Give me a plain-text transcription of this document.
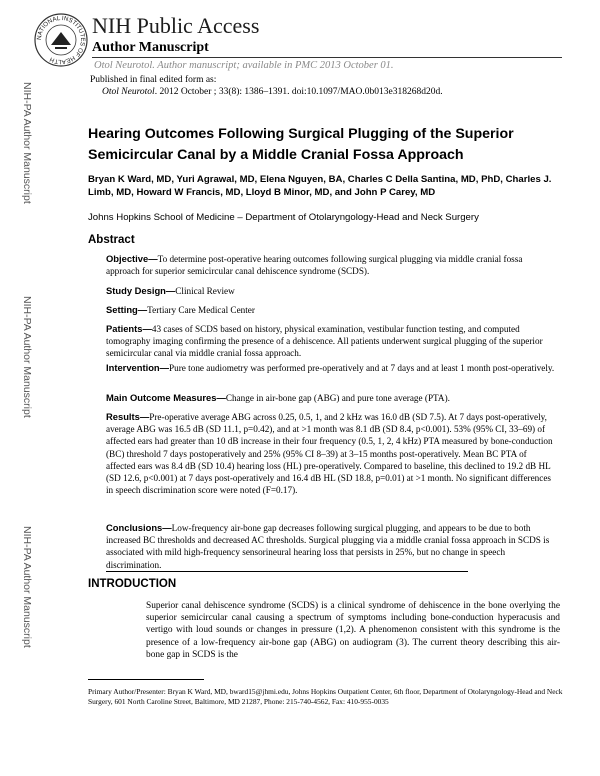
NATIONAL INSTITUTES OF HEALTH
NIH Public Access
Author Manuscript
Otol Neurotol. Author manuscript; available in PMC 2013 October 01.
Published in final edited form as:
Otol Neurotol. 2012 October ; 33(8): 1386–1391. doi:10.1097/MAO.0b013e318268d20d.
NIH-PA Author Manuscript
NIH-PA Author Manuscript
NIH-PA Author Manuscript
Hearing Outcomes Following Surgical Plugging of the Superior Semicircular Canal by a Middle Cranial Fossa Approach
Bryan K Ward, MD, Yuri Agrawal, MD, Elena Nguyen, BA, Charles C Della Santina, MD, PhD, Charles J. Limb, MD, Howard W Francis, MD, Lloyd B Minor, MD, and John P Carey, MD
Johns Hopkins School of Medicine – Department of Otolaryngology-Head and Neck Surgery
Abstract
Objective—To determine post-operative hearing outcomes following surgical plugging via middle cranial fossa approach for superior semicircular canal dehiscence syndrome (SCDS).
Study Design—Clinical Review
Setting—Tertiary Care Medical Center
Patients—43 cases of SCDS based on history, physical examination, vestibular function testing, and computed tomography imaging confirming the presence of a dehiscence. All patients underwent surgical plugging of the superior semicircular canal via middle cranial fossa approach.
Intervention—Pure tone audiometry was performed pre-operatively and at 7 days and at least 1 month post-operatively.
Main Outcome Measures—Change in air-bone gap (ABG) and pure tone average (PTA).
Results—Pre-operative average ABG across 0.25, 0.5, 1, and 2 kHz was 16.0 dB (SD 7.5). At 7 days post-operatively, average ABG was 16.5 dB (SD 11.1, p=0.42), and at >1 month was 8.1 dB (SD 8.4, p<0.001). 53% (95% CI, 33–69) of affected ears had greater than 10 dB increase in their four frequency (0.5, 1, 2, 4 kHz) PTA measured by bone-conduction (BC) threshold 7 days postoperatively and 25% (95% CI 8–39) at 3–15 months post-operatively. Mean BC PTA of affected ears was 8.4 dB (SD 10.4) hearing loss (HL) pre-operatively. Compared to baseline, this declined to 19.2 dB HL (SD 12.6, p<0.001) at 7 days post-operatively and 16.4 dB HL (SD 18.8, p=0.01) at >1 month. No significant differences in speech discrimination score were noted (F=0.17).
Conclusions—Low-frequency air-bone gap decreases following surgical plugging, and appears to be due to both increased BC thresholds and decreased AC thresholds. Surgical plugging via a middle cranial fossa approach in SCDS is associated with mild high-frequency sensorineural hearing loss that persists in 25%, but no change in speech discrimination.
INTRODUCTION
Superior canal dehiscence syndrome (SCDS) is a clinical syndrome of dehiscence in the bone overlying the superior semicircular canal causing a spectrum of symptoms including bone-conduction hyperacusis and vertigo with loud sounds or changes in pressure (1,2). A phenomenon consistent with this syndrome is the presence of a low-frequency air-bone gap (ABG) on audiogram (3). The current theory describing this air-bone gap in SCDS is the
Primary Author/Presenter: Bryan K Ward, MD, bward15@jhmi.edu, Johns Hopkins Outpatient Center, 6th floor, Department of Otolaryngology-Head and Neck Surgery, 601 North Caroline Street, Baltimore, MD 21287, Phone: 215-740-4562, Fax: 410-955-0035
